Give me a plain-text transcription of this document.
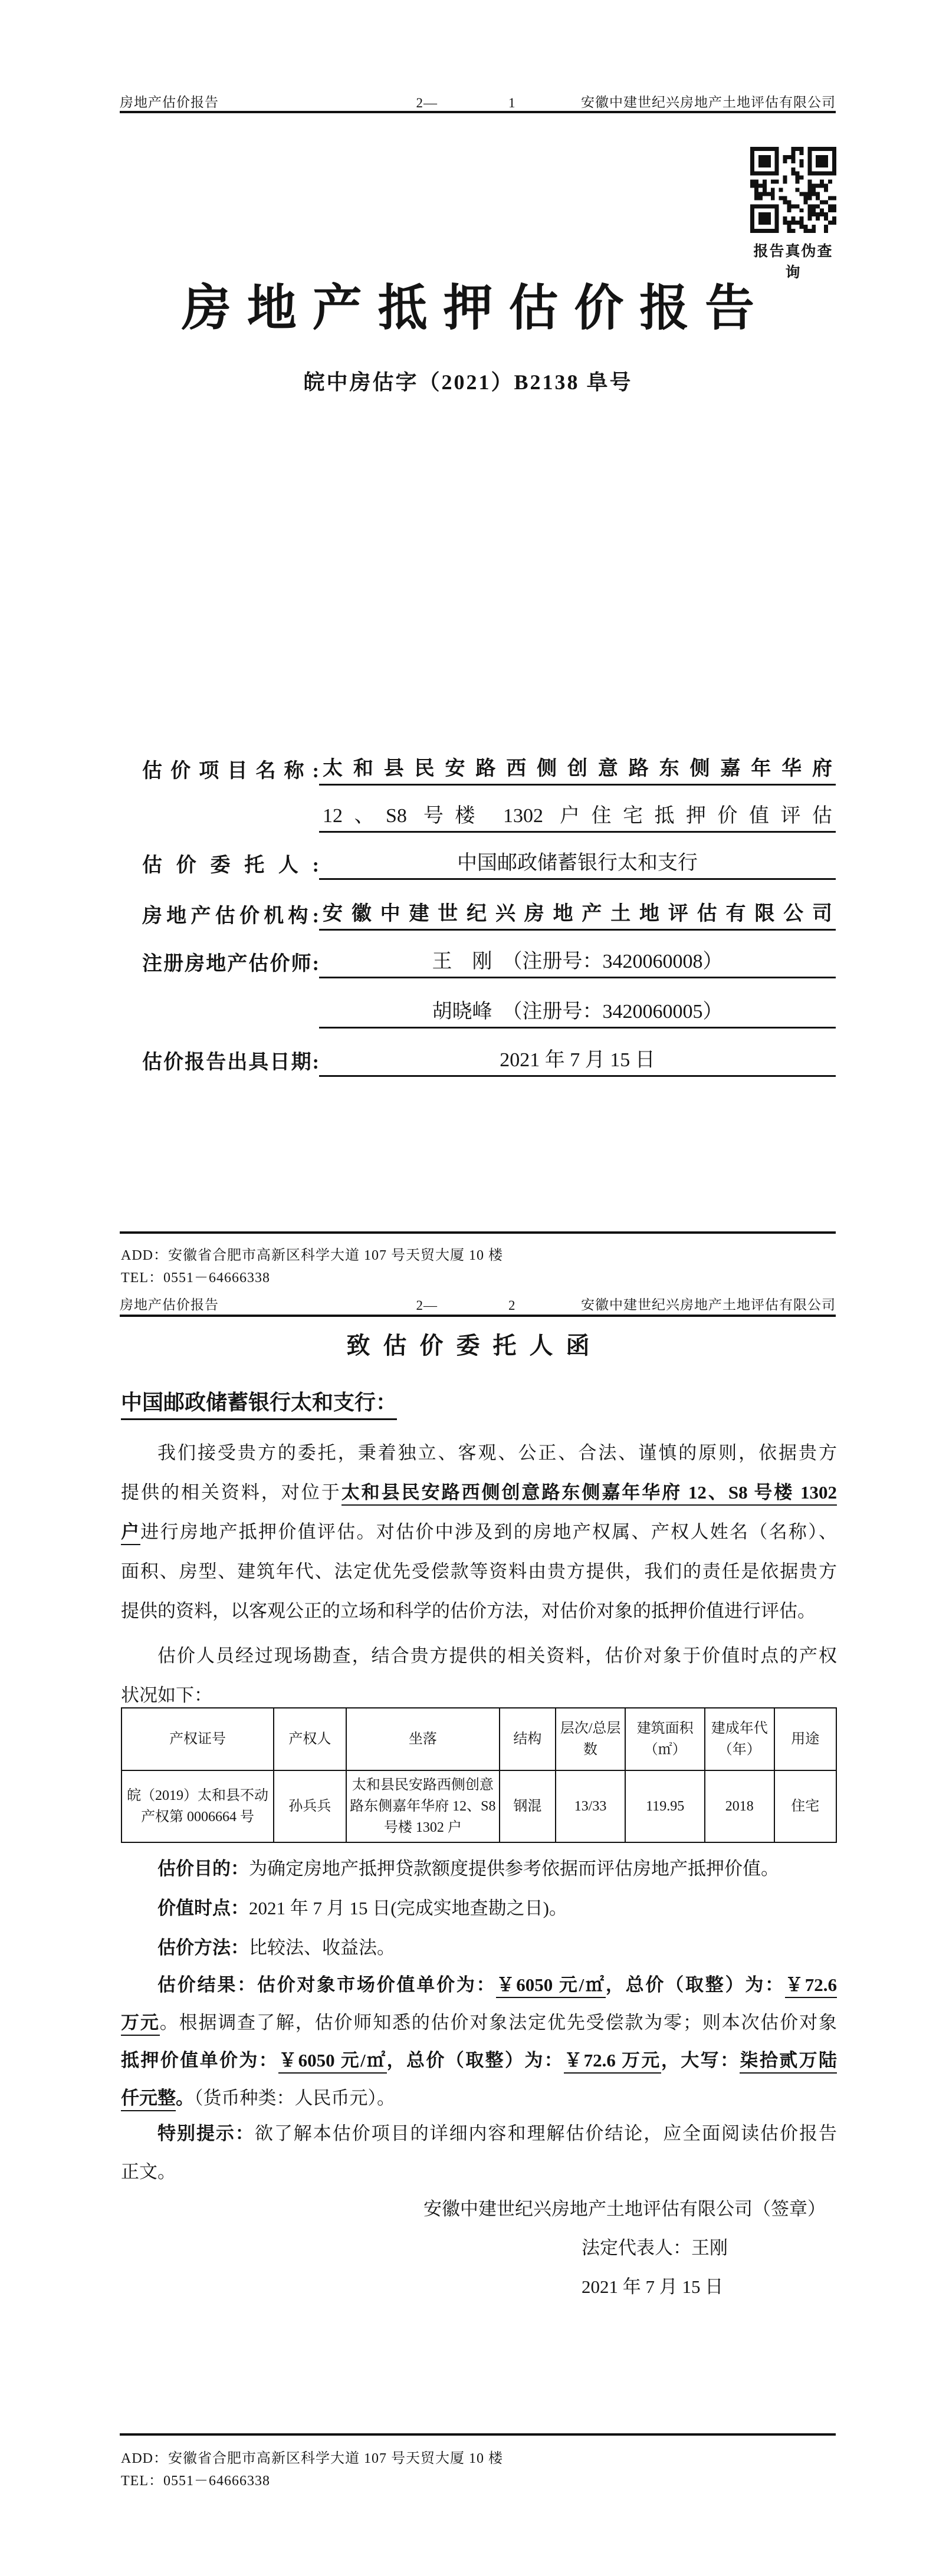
房地产估价报告	2—	1	安徽中建世纪兴房地产土地评估有限公司
报告真伪查询
房地产抵押估价报告
皖中房估字（2021）B2138 阜号
估价项目名称: 太和县民安路西侧创意路东侧嘉年华府
12、S8 号楼 1302 户住宅抵押价值评估
估价委托人:	中国邮政储蓄银行太和支行
房地产估价机构: 安徽中建世纪兴房地产土地评估有限公司
注册房地产估价师:	王　刚　（注册号：3420060008）
胡晓峰　（注册号：3420060005）
估价报告出具日期:	2021 年 7 月 15 日
ADD：安徽省合肥市高新区科学大道 107 号天贸大厦 10 楼
TEL：0551－64666338
房地产估价报告	2—	2	安徽中建世纪兴房地产土地评估有限公司
致估价委托人函
中国邮政储蓄银行太和支行：
我们接受贵方的委托，秉着独立、客观、公正、合法、谨慎的原则，依据贵方
提供的相关资料，对位于太和县民安路西侧创意路东侧嘉年华府 12、S8 号楼 1302
户进行房地产抵押价值评估。对估价中涉及到的房地产权属、产权人姓名（名称）、
面积、房型、建筑年代、法定优先受偿款等资料由贵方提供，我们的责任是依据贵方
提供的资料，以客观公正的立场和科学的估价方法，对估价对象的抵押价值进行评估。
估价人员经过现场勘查，结合贵方提供的相关资料，估价对象于价值时点的产权
状况如下：
产权证号	产权人	坐落	结构	层次/总层数	建筑面积（㎡）	建成年代（年）	用途
皖（2019）太和县不动产权第 0006664 号	孙兵兵	太和县民安路西侧创意路东侧嘉年华府 12、S8 号楼 1302 户	钢混	13/33	119.95	2018	住宅
估价目的：为确定房地产抵押贷款额度提供参考依据而评估房地产抵押价值。
价值时点：2021 年 7 月 15 日(完成实地查勘之日)。
估价方法：比较法、收益法。
估价结果：估价对象市场价值单价为：￥6050 元/㎡，总价（取整）为：￥72.6
万元。根据调查了解，估价师知悉的估价对象法定优先受偿款为零；则本次估价对象
抵押价值单价为：￥6050 元/㎡，总价（取整）为：￥72.6 万元，大写：柒拾贰万陆
仟元整。（货币种类：人民币元）。
特别提示：欲了解本估价项目的详细内容和理解估价结论，应全面阅读估价报告
正文。
安徽中建世纪兴房地产土地评估有限公司（签章）
法定代表人：王刚
2021 年 7 月 15 日
ADD：安徽省合肥市高新区科学大道 107 号天贸大厦 10 楼
TEL：0551－64666338
